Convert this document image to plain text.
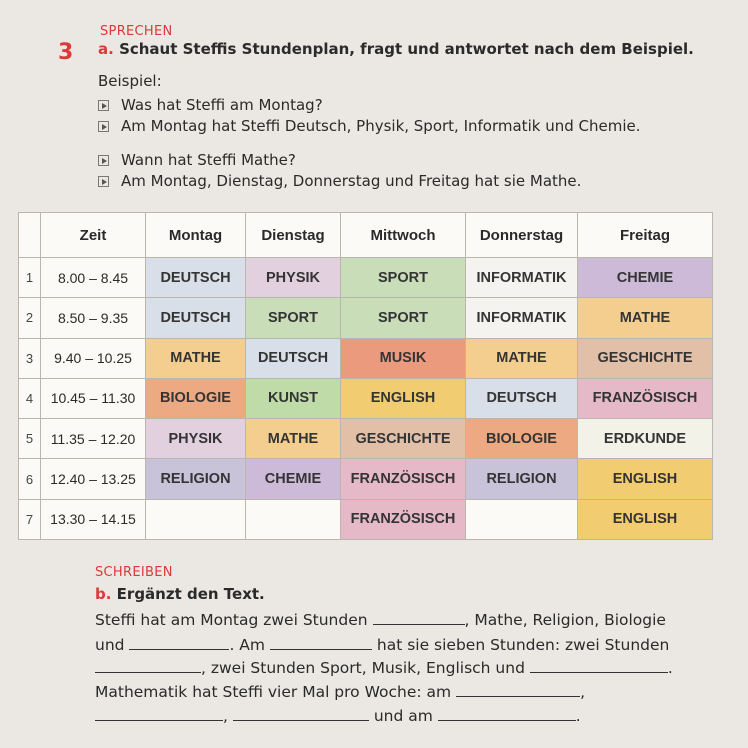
SPRECHEN
3 a. Schaut Steffis Stundenplan, fragt und antwortet nach dem Beispiel.
Beispiel:
Was hat Steffi am Montag?
Am Montag hat Steffi Deutsch, Physik, Sport, Informatik und Chemie.
Wann hat Steffi Mathe?
Am Montag, Dienstag, Donnerstag und Freitag hat sie Mathe.
	Zeit	Montag	Dienstag	Mittwoch	Donnerstag	Freitag
1	8.00 – 8.45	DEUTSCH	PHYSIK	SPORT	INFORMATIK	CHEMIE
2	8.50 – 9.35	DEUTSCH	SPORT	SPORT	INFORMATIK	MATHE
3	9.40 – 10.25	MATHE	DEUTSCH	MUSIK	MATHE	GESCHICHTE
4	10.45 – 11.30	BIOLOGIE	KUNST	ENGLISH	DEUTSCH	FRANZÖSISCH
5	11.35 – 12.20	PHYSIK	MATHE	GESCHICHTE	BIOLOGIE	ERDKUNDE
6	12.40 – 13.25	RELIGION	CHEMIE	FRANZÖSISCH	RELIGION	ENGLISH
7	13.30 – 14.15			FRANZÖSISCH		ENGLISH
SCHREIBEN
b. Ergänzt den Text.
Steffi hat am Montag zwei Stunden	, Mathe, Religion, Biologie
und	. Am	hat sie sieben Stunden: zwei Stunden
, zwei Stunden Sport, Musik, Englisch und	.
Mathematik hat Steffi vier Mal pro Woche: am	,
,	und am	.
